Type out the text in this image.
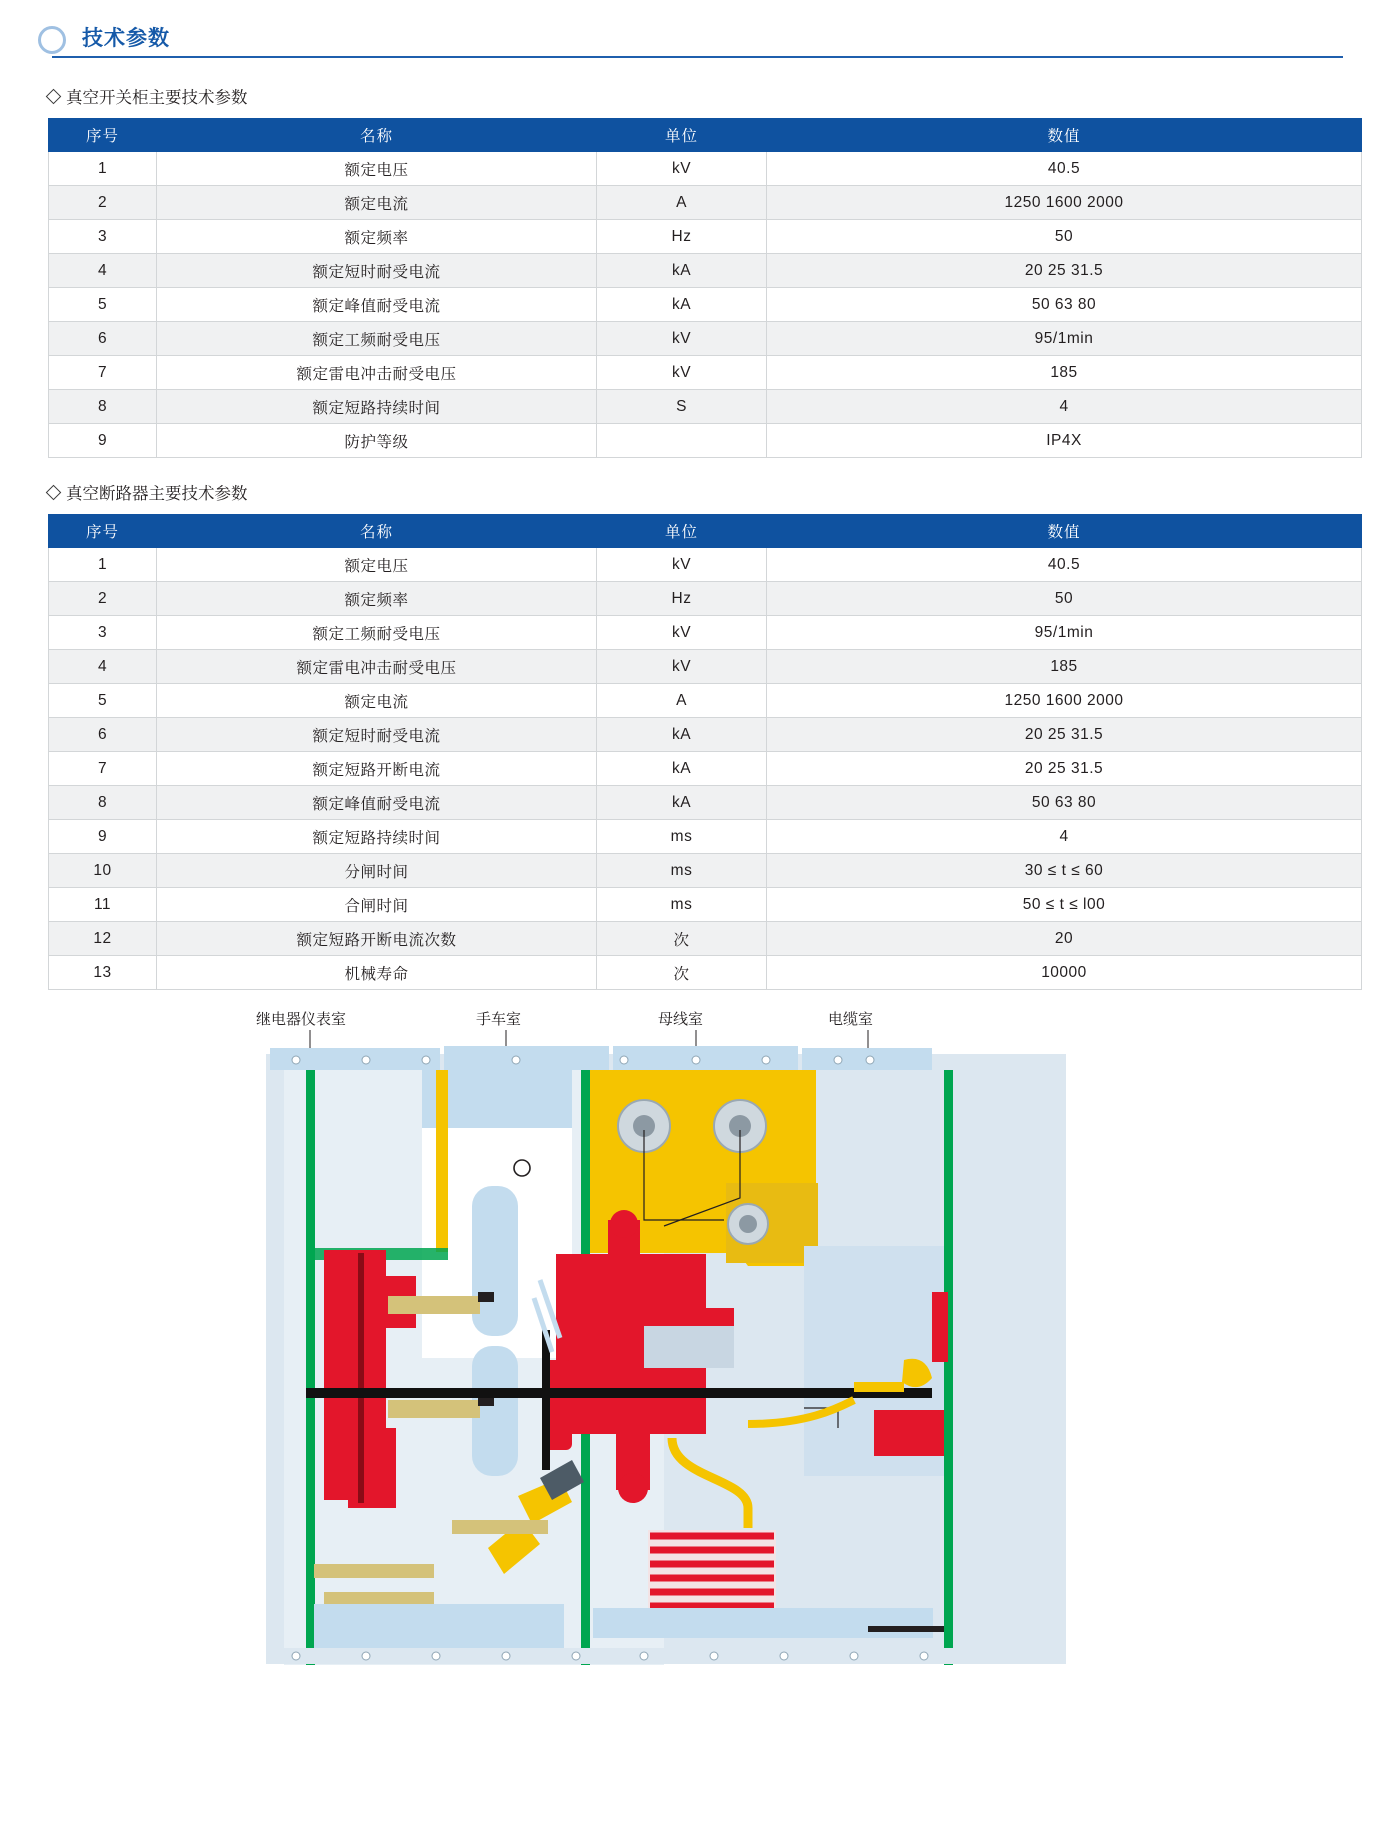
技术参数
真空开关柜主要技术参数
序号	名称	单位	数值
1	额定电压	kV	40.5
2	额定电流	A	1250 1600 2000
3	额定频率	Hz	50
4	额定短时耐受电流	kA	20 25 31.5
5	额定峰值耐受电流	kA	50 63 80
6	额定工频耐受电压	kV	95/1min
7	额定雷电冲击耐受电压	kV	185
8	额定短路持续时间	S	4
9	防护等级		IP4X
真空断路器主要技术参数
序号	名称	单位	数值
1	额定电压	kV	40.5
2	额定频率	Hz	50
3	额定工频耐受电压	kV	95/1min
4	额定雷电冲击耐受电压	kV	185
5	额定电流	A	1250 1600 2000
6	额定短时耐受电流	kA	20 25 31.5
7	额定短路开断电流	kA	20 25 31.5
8	额定峰值耐受电流	kA	50 63 80
9	额定短路持续时间	ms	4
10	分闸时间	ms	30 ≤ t ≤ 60
11	合闸时间	ms	50 ≤ t ≤ l00
12	额定短路开断电流次数	次	20
13	机械寿命	次	10000
继电器仪表室	手车室	母线室	电缆室
